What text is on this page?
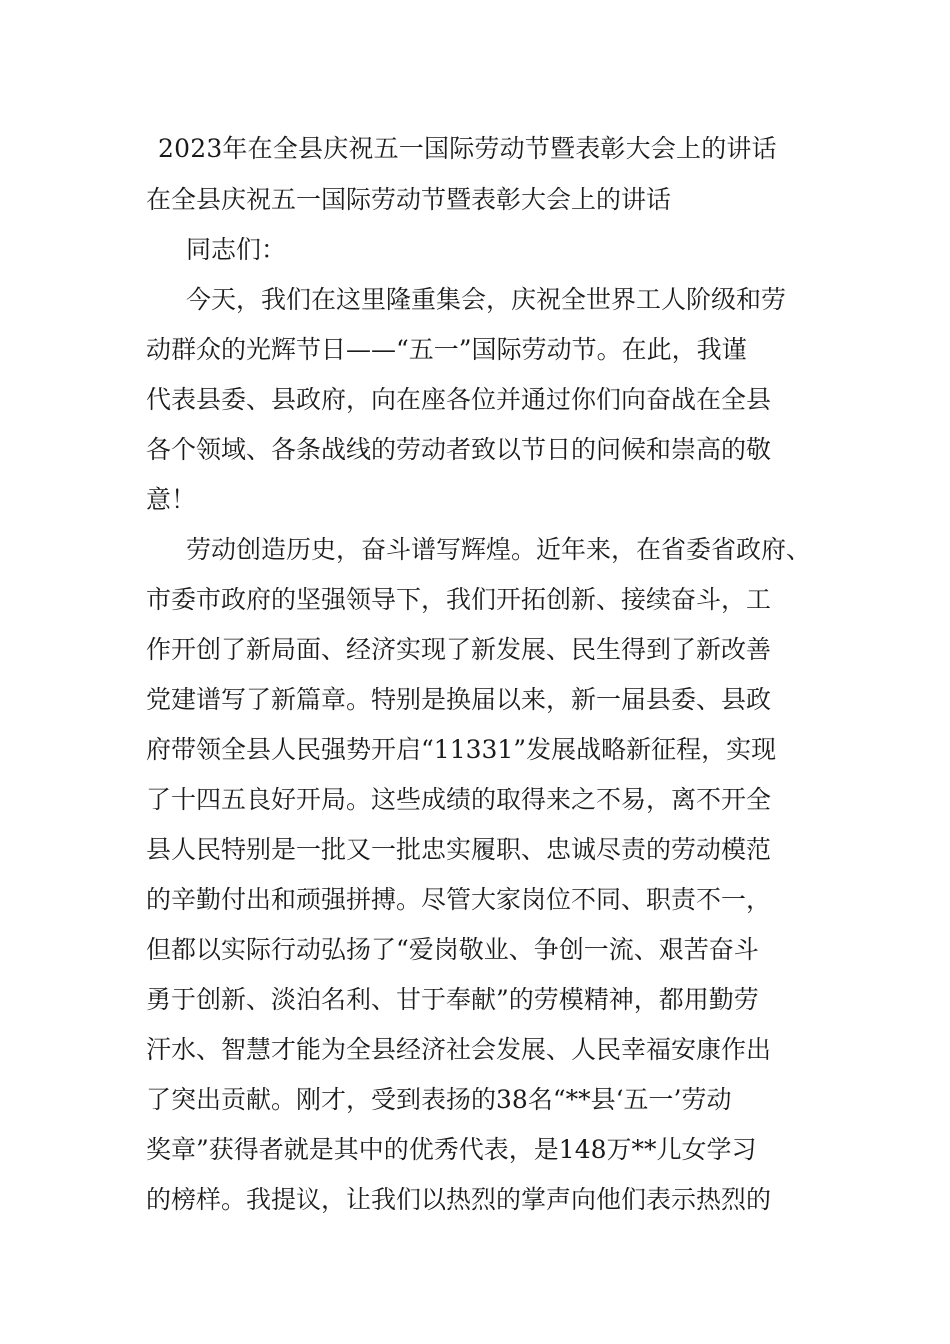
2023年在全县庆祝五一国际劳动节暨表彰大会上的讲话
在全县庆祝五一国际劳动节暨表彰大会上的讲话
同志们：
今天，我们在这里隆重集会，庆祝全世界工人阶级和劳
动群众的光辉节日——“五一”国际劳动节。在此，我谨
代表县委、县政府，向在座各位并通过你们向奋战在全县
各个领域、各条战线的劳动者致以节日的问候和崇高的敬
意！
劳动创造历史，奋斗谱写辉煌。近年来，在省委省政府、
市委市政府的坚强领导下，我们开拓创新、接续奋斗，工
作开创了新局面、经济实现了新发展、民生得到了新改善
党建谱写了新篇章。特别是换届以来，新一届县委、县政
府带领全县人民强势开启“11331”发展战略新征程，实现
了十四五良好开局。这些成绩的取得来之不易，离不开全
县人民特别是一批又一批忠实履职、忠诚尽责的劳动模范
的辛勤付出和顽强拼搏。尽管大家岗位不同、职责不一，
但都以实际行动弘扬了“爱岗敬业、争创一流、艰苦奋斗
勇于创新、淡泊名利、甘于奉献”的劳模精神，都用勤劳
汗水、智慧才能为全县经济社会发展、人民幸福安康作出
了突出贡献。刚才，受到表扬的38名“**县‘五一’劳动
奖章”获得者就是其中的优秀代表，是148万**儿女学习
的榜样。我提议，让我们以热烈的掌声向他们表示热烈的
